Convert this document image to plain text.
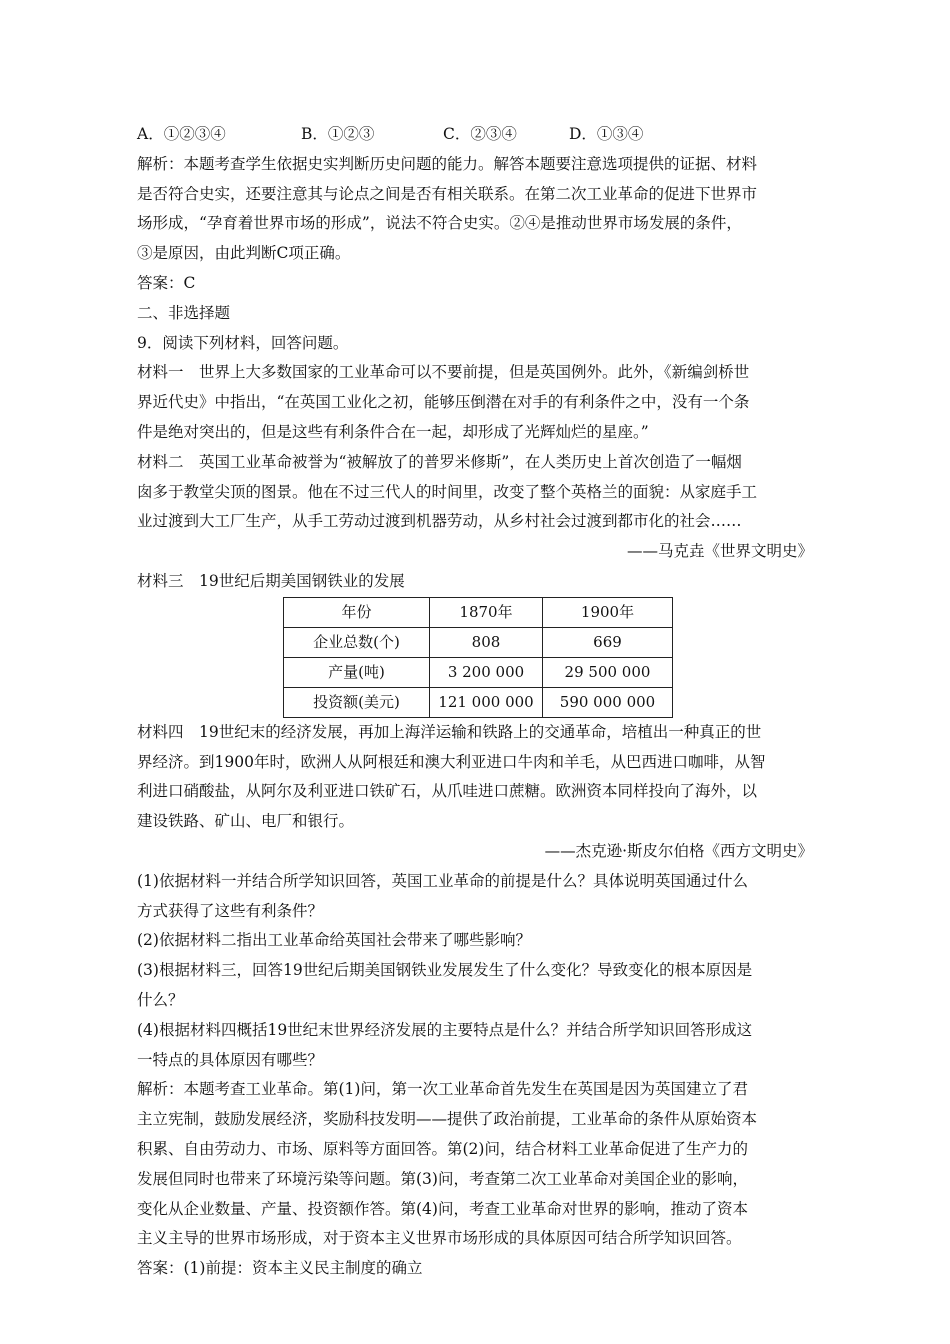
A．①②③④	B．①②③	C．②③④	D．①③④
解析：本题考查学生依据史实判断历史问题的能力。解答本题要注意选项提供的证据、材料
是否符合史实，还要注意其与论点之间是否有相关联系。在第二次工业革命的促进下世界市
场形成，“孕育着世界市场的形成”，说法不符合史实。②④是推动世界市场发展的条件，
③是原因，由此判断C项正确。
答案：C
二、非选择题
9．阅读下列材料，回答问题。
材料一　世界上大多数国家的工业革命可以不要前提，但是英国例外。此外，《新编剑桥世
界近代史》中指出，“在英国工业化之初，能够压倒潜在对手的有利条件之中，没有一个条
件是绝对突出的，但是这些有利条件合在一起，却形成了光辉灿烂的星座。”
材料二　英国工业革命被誉为“被解放了的普罗米修斯”，在人类历史上首次创造了一幅烟
囱多于教堂尖顶的图景。他在不过三代人的时间里，改变了整个英格兰的面貌：从家庭手工
业过渡到大工厂生产，从手工劳动过渡到机器劳动，从乡村社会过渡到都市化的社会……
——马克垚《世界文明史》
材料三　19世纪后期美国钢铁业的发展
年份	1870年	1900年
企业总数(个)	808	669
产量(吨)	3 200 000	29 500 000
投资额(美元)	121 000 000	590 000 000
材料四　19世纪末的经济发展，再加上海洋运输和铁路上的交通革命，培植出一种真正的世
界经济。到1900年时，欧洲人从阿根廷和澳大利亚进口牛肉和羊毛，从巴西进口咖啡，从智
利进口硝酸盐，从阿尔及利亚进口铁矿石，从爪哇进口蔗糖。欧洲资本同样投向了海外，以
建设铁路、矿山、电厂和银行。
——杰克逊·斯皮尔伯格《西方文明史》
(1)依据材料一并结合所学知识回答，英国工业革命的前提是什么？具体说明英国通过什么
方式获得了这些有利条件？
(2)依据材料二指出工业革命给英国社会带来了哪些影响？
(3)根据材料三，回答19世纪后期美国钢铁业发展发生了什么变化？导致变化的根本原因是
什么？
(4)根据材料四概括19世纪末世界经济发展的主要特点是什么？并结合所学知识回答形成这
一特点的具体原因有哪些？
解析：本题考查工业革命。第(1)问，第一次工业革命首先发生在英国是因为英国建立了君
主立宪制，鼓励发展经济，奖励科技发明——提供了政治前提，工业革命的条件从原始资本
积累、自由劳动力、市场、原料等方面回答。第(2)问，结合材料工业革命促进了生产力的
发展但同时也带来了环境污染等问题。第(3)问，考查第二次工业革命对美国企业的影响，
变化从企业数量、产量、投资额作答。第(4)问，考查工业革命对世界的影响，推动了资本
主义主导的世界市场形成，对于资本主义世界市场形成的具体原因可结合所学知识回答。
答案：(1)前提：资本主义民主制度的确立
